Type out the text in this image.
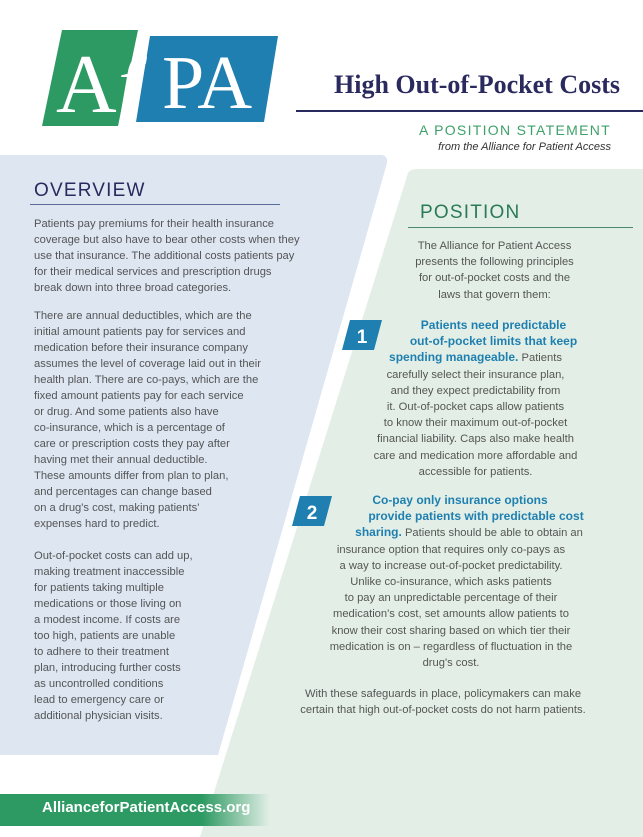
A f PA	High Out-of-Pocket Costs
A POSITION STATEMENT
from the Alliance for Patient Access
OVERVIEW
Patients pay premiums for their health insurance
coverage but also have to bear other costs when they
use that insurance. The additional costs patients pay
for their medical services and prescription drugs
break down into three broad categories.
There are annual deductibles, which are the
initial amount patients pay for services and
medication before their insurance company
assumes the level of coverage laid out in their
health plan. There are co-pays, which are the
fixed amount patients pay for each service
or drug. And some patients also have
co-insurance, which is a percentage of
care or prescription costs they pay after
having met their annual deductible.
These amounts differ from plan to plan,
and percentages can change based
on a drug's cost, making patients'
expenses hard to predict.
Out-of-pocket costs can add up,
making treatment inaccessible
for patients taking multiple
medications or those living on
a modest income. If costs are
too high, patients are unable
to adhere to their treatment
plan, introducing further costs
as uncontrolled conditions
lead to emergency care or
additional physician visits.
POSITION
The Alliance for Patient Access
presents the following principles
for out-of-pocket costs and the
laws that govern them:
1
Patients need predictable
out-of-pocket limits that keep
spending manageable. Patients
carefully select their insurance plan,
and they expect predictability from
it. Out-of-pocket caps allow patients
to know their maximum out-of-pocket
financial liability. Caps also make health
care and medication more affordable and
accessible for patients.
2
Co-pay only insurance options
provide patients with predictable cost
sharing. Patients should be able to obtain an
insurance option that requires only co-pays as
a way to increase out-of-pocket predictability.
Unlike co-insurance, which asks patients
to pay an unpredictable percentage of their
medication's cost, set amounts allow patients to
know their cost sharing based on which tier their
medication is on – regardless of fluctuation in the
drug's cost.
With these safeguards in place, policymakers can make
certain that high out-of-pocket costs do not harm patients.
AllianceforPatientAccess.org
